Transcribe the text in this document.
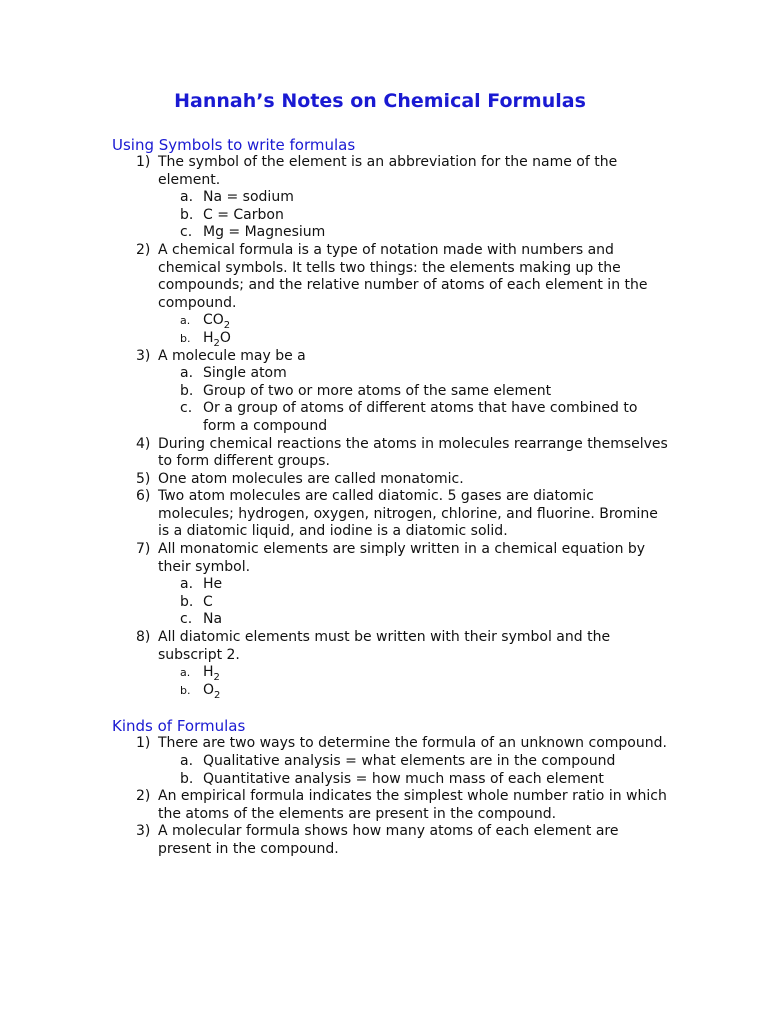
Hannah’s Notes on Chemical Formulas
Using Symbols to write formulas
1) The symbol of the element is an abbreviation for the name of the element.
a. Na = sodium
b. C = Carbon
c. Mg = Magnesium
2) A chemical formula is a type of notation made with numbers and chemical symbols. It tells two things: the elements making up the compounds; and the relative number of atoms of each element in the compound.
a. $CO_2$
b. $H_2O$
3) A molecule may be a
a. Single atom
b. Group of two or more atoms of the same element
c. Or a group of atoms of different atoms that have combined to form a compound
4) During chemical reactions the atoms in molecules rearrange themselves to form different groups.
5) One atom molecules are called monatomic.
6) Two atom molecules are called diatomic. 5 gases are diatomic molecules; hydrogen, oxygen, nitrogen, chlorine, and fluorine. Bromine is a diatomic liquid, and iodine is a diatomic solid.
7) All monatomic elements are simply written in a chemical equation by their symbol.
a. He
b. C
c. Na
8) All diatomic elements must be written with their symbol and the subscript 2.
a. $H_2$
b. $O_2$
Kinds of Formulas
1) There are two ways to determine the formula of an unknown compound.
a. Qualitative analysis = what elements are in the compound
b. Quantitative analysis = how much mass of each element
2) An empirical formula indicates the simplest whole number ratio in which the atoms of the elements are present in the compound.
3) A molecular formula shows how many atoms of each element are present in the compound.
